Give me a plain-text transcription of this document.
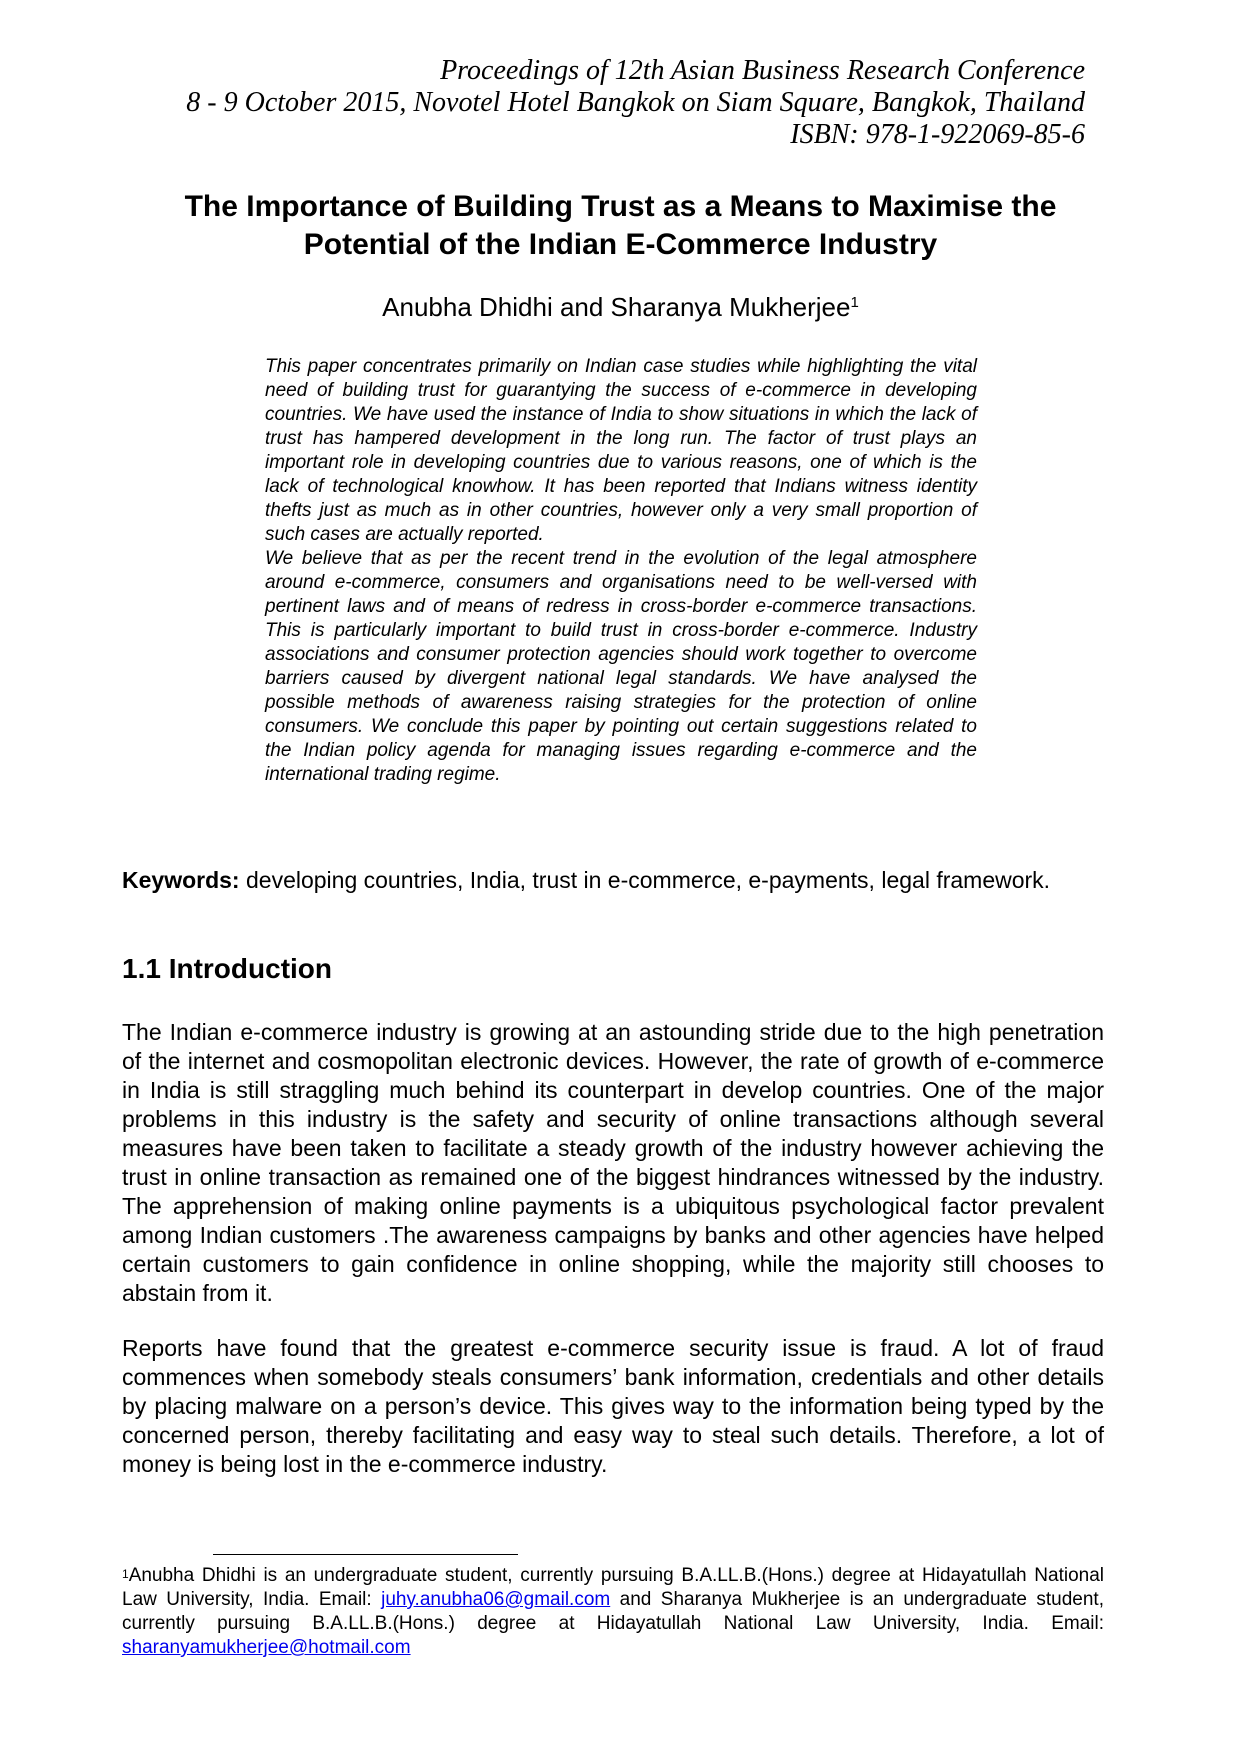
Proceedings of 12th Asian Business Research Conference
8 - 9 October 2015, Novotel Hotel Bangkok on Siam Square, Bangkok, Thailand
ISBN: 978-1-922069-85-6
The Importance of Building Trust as a Means to Maximise the
Potential of the Indian E-Commerce Industry
Anubha Dhidhi and Sharanya Mukherjee$^1$

This paper concentrates primarily on Indian case studies while highlighting the vital need of building trust for guarantying the success of e-commerce in developing countries. We have used the instance of India to show situations in which the lack of trust has hampered development in the long run. The factor of trust plays an important role in developing countries due to various reasons, one of which is the lack of technological knowhow. It has been reported that Indians witness identity thefts just as much as in other countries, however only a very small proportion of such cases are actually reported.

We believe that as per the recent trend in the evolution of the legal atmosphere around e-commerce, consumers and organisations need to be well-versed with pertinent laws and of means of redress in cross-border e-commerce transactions. This is particularly important to build trust in cross-border e-commerce. Industry associations and consumer protection agencies should work together to overcome barriers caused by divergent national legal standards. We have analysed the possible methods of awareness raising strategies for the protection of online consumers. We conclude this paper by pointing out certain suggestions related to the Indian policy agenda for managing issues regarding e-commerce and the international trading regime.

Keywords: developing countries, India, trust in e-commerce, e-payments, legal framework.
1.1 Introduction

The Indian e-commerce industry is growing at an astounding stride due to the high penetration of the internet and cosmopolitan electronic devices. However, the rate of growth of e-commerce in India is still straggling much behind its counterpart in develop countries. One of the major problems in this industry is the safety and security of online transactions although several measures have been taken to facilitate a steady growth of the industry however achieving the trust in online transaction as remained one of the biggest hindrances witnessed by the industry. The apprehension of making online payments is a ubiquitous psychological factor prevalent among Indian customers .The awareness campaigns by banks and other agencies have helped certain customers to gain confidence in online shopping, while the majority still chooses to abstain from it.

Reports have found that the greatest e-commerce security issue is fraud. A lot of fraud commences when somebody steals consumers’ bank information, credentials and other details by placing malware on a person’s device. This gives way to the information being typed by the concerned person, thereby facilitating and easy way to steal such details. Therefore, a lot of money is being lost in the e-commerce industry.

$^1$Anubha Dhidhi is an undergraduate student, currently pursuing B.A.LL.B.(Hons.) degree at Hidayatullah National Law University, India. Email: juhy.anubha06@gmail.com and Sharanya Mukherjee is an undergraduate student, currently pursuing B.A.LL.B.(Hons.) degree at Hidayatullah National Law University, India. Email: sharanyamukherjee@hotmail.com
